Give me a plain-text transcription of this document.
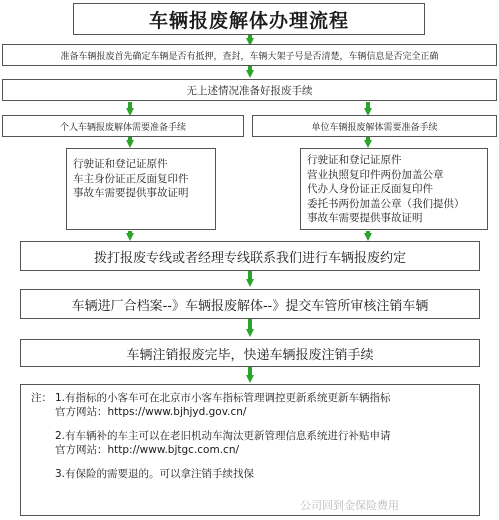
车辆报废解体办理流程
准备车辆报废首先确定车辆是否有抵押，查封，车辆大架子号是否清楚，车辆信息是否完全正确
无上述情况准备好报废手续
个人车辆报废解体需要准备手续	单位车辆报废解体需要准备手续
行驶证和登记证原件
车主身份证正反面复印件
事故车需要提供事故证明
行驶证和登记证原件
营业执照复印件两份加盖公章
代办人身份证正反面复印件
委托书两份加盖公章（我们提供）
事故车需要提供事故证明
拨打报废专线或者经理专线联系我们进行车辆报废约定
车辆进厂合档案--》车辆报废解体--》提交车管所审核注销车辆
车辆注销报废完毕，快递车辆报废注销手续
注： 1.有指标的小客车可在北京市小客车指标管理调控更新系统更新车辆指标
官方网站：https://www.bjhjyd.gov.cn/
2.有车辆补的车主可以在老旧机动车淘汰更新管理信息系统进行补贴申请
官方网站：http://www.bjtgc.com.cn/
3.有保险的需要退的。可以拿注销手续找保
公司回到金保险费用
